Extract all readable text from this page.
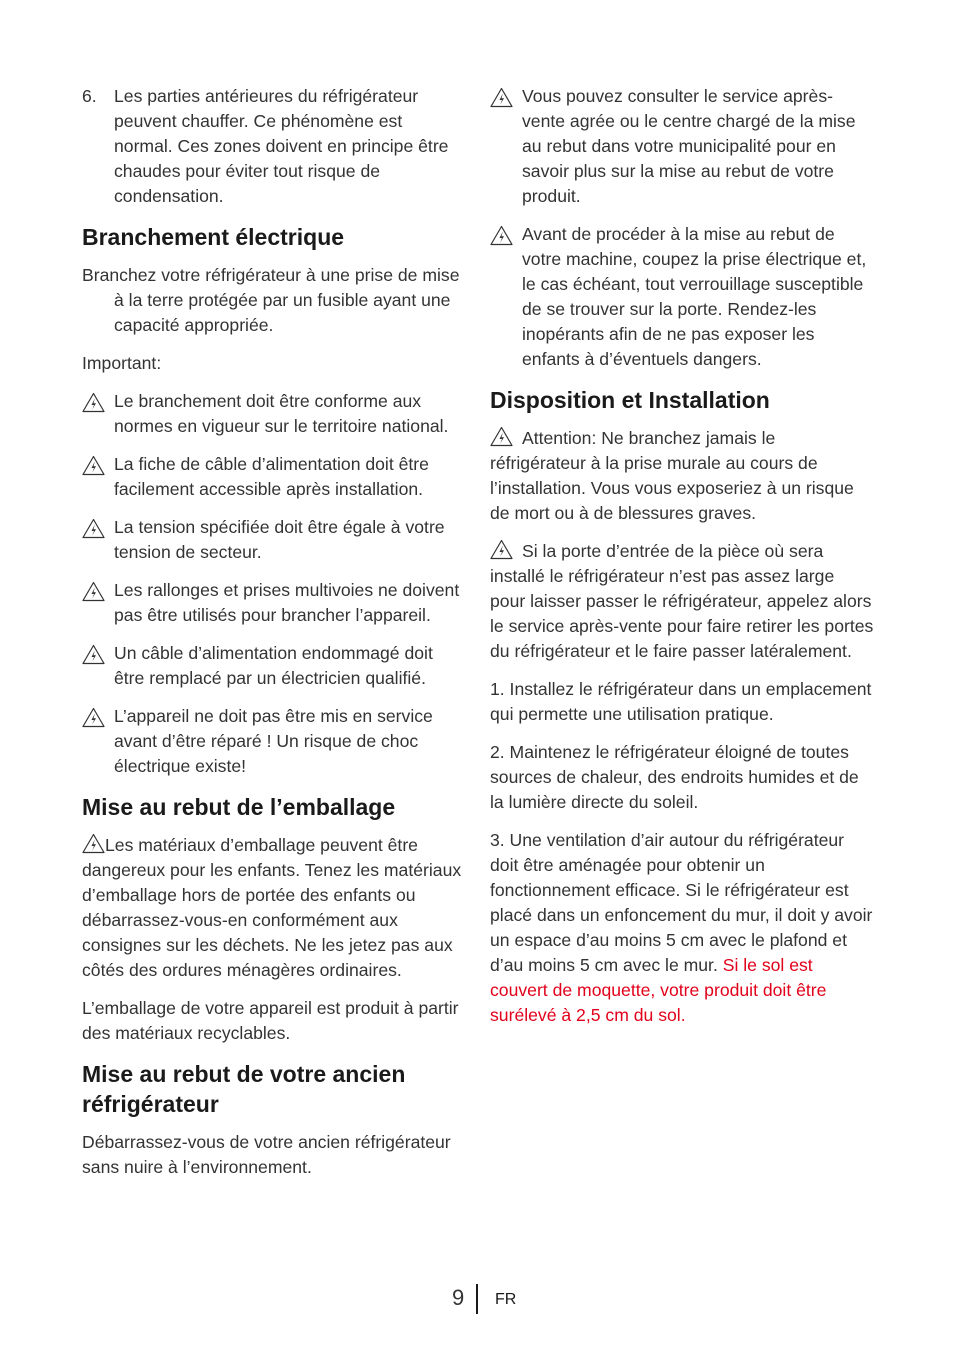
6. Les parties antérieures du réfrigérateur peuvent chauffer. Ce phénomène est normal. Ces zones doivent en principe être chaudes pour éviter tout risque de condensation.

Branchement électrique

Branchez votre réfrigérateur à une prise de mise à la terre protégée par un fusible ayant une capacité appropriée.

Important:

Le branchement doit être conforme aux normes en vigueur sur le territoire national.

La fiche de câble d’alimentation doit être facilement accessible après installation.

La tension spécifiée doit être égale à votre tension de secteur.

Les rallonges et prises multivoies ne doivent pas être utilisés pour brancher l’appareil.

Un câble d’alimentation endommagé doit être remplacé par un électricien qualifié.

L’appareil ne doit pas être mis en service avant d’être réparé ! Un risque de choc électrique existe!

Mise au rebut de l’emballage

Les matériaux d’emballage peuvent être dangereux pour les enfants. Tenez les matériaux d’emballage hors de portée des enfants ou débarrassez-vous-en conformément aux consignes sur les déchets. Ne les jetez pas aux côtés des ordures ménagères ordinaires.

L’emballage de votre appareil est produit à partir des matériaux recyclables.

Mise au rebut de votre ancien réfrigérateur

Débarrassez-vous de votre ancien réfrigérateur sans nuire à l’environnement.

Vous pouvez consulter le service après-vente agrée ou le centre chargé de la mise au rebut dans votre municipalité pour en savoir plus sur la mise au rebut de votre produit.

Avant de procéder à la mise au rebut de votre machine, coupez la prise électrique et, le cas échéant, tout verrouillage susceptible de se trouver sur la porte. Rendez-les inopérants afin de ne pas exposer les enfants à d’éventuels dangers.

Disposition et Installation

Attention: Ne branchez jamais le réfrigérateur à la prise murale au cours de l’installation. Vous vous exposeriez à un risque de mort ou à de blessures graves.

Si la porte d’entrée de la pièce où sera installé le réfrigérateur n’est pas assez large pour laisser passer le réfrigérateur, appelez alors le service après-vente pour faire retirer les portes du réfrigérateur et le faire passer latéralement.

1. Installez le réfrigérateur dans un emplacement qui permette une utilisation pratique.

2. Maintenez le réfrigérateur éloigné de toutes sources de chaleur, des endroits humides et de la lumière directe du soleil.

3. Une ventilation d’air autour du réfrigérateur doit être aménagée pour obtenir un fonctionnement efficace. Si le réfrigérateur est placé dans un enfoncement du mur, il doit y avoir un espace d’au moins 5 cm avec le plafond et d’au moins 5 cm avec le mur. Si le sol est couvert de moquette, votre produit doit être surélevé à 2,5 cm du sol.

9 FR
